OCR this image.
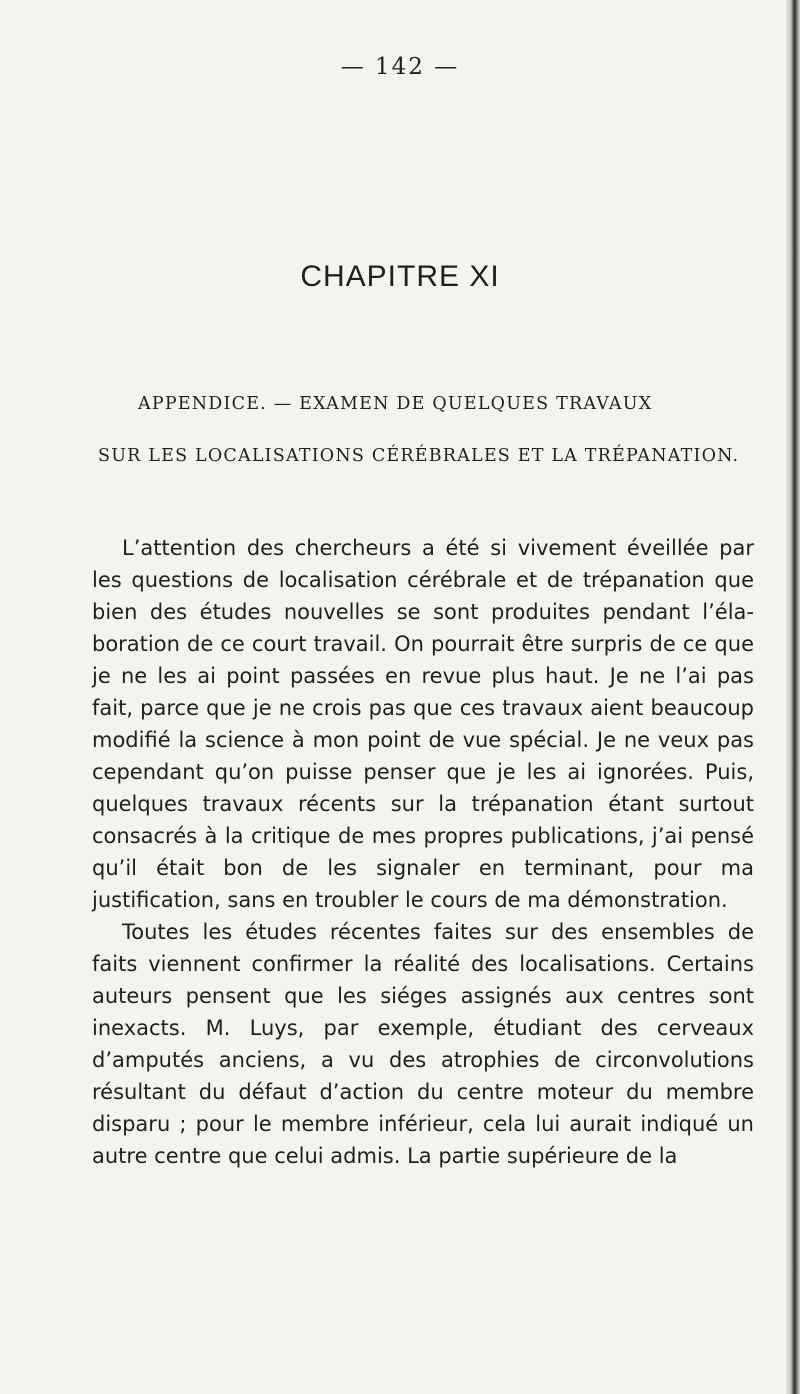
— 142 —
CHAPITRE XI
APPENDICE. — EXAMEN DE QUELQUES TRAVAUX
SUR LES LOCALISATIONS CÉRÉBRALES ET LA TRÉPANATION.

L’attention des chercheurs a été si vivement éveillée par les questions de localisation cérébrale et de trépanation que bien des études nouvelles se sont produites pendant l’élaboration de ce court travail. On pourrait être surpris de ce que je ne les ai point passées en revue plus haut. Je ne l’ai pas fait, parce que je ne crois pas que ces travaux aient beaucoup modifié la science à mon point de vue spécial. Je ne veux pas cependant qu’on puisse penser que je les ai ignorées. Puis, quelques travaux récents sur la trépanation étant surtout consacrés à la critique de mes propres publications, j’ai pensé qu’il était bon de les signaler en terminant, pour ma justification, sans en troubler le cours de ma démonstration.

Toutes les études récentes faites sur des ensembles de faits viennent confirmer la réalité des localisations. Certains auteurs pensent que les siéges assignés aux centres sont inexacts. M. Luys, par exemple, étudiant des cerveaux d’amputés anciens, a vu des atrophies de circonvolutions résultant du défaut d’action du centre moteur du membre disparu ; pour le membre inférieur, cela lui aurait indiqué un autre centre que celui admis. La partie supérieure de la
